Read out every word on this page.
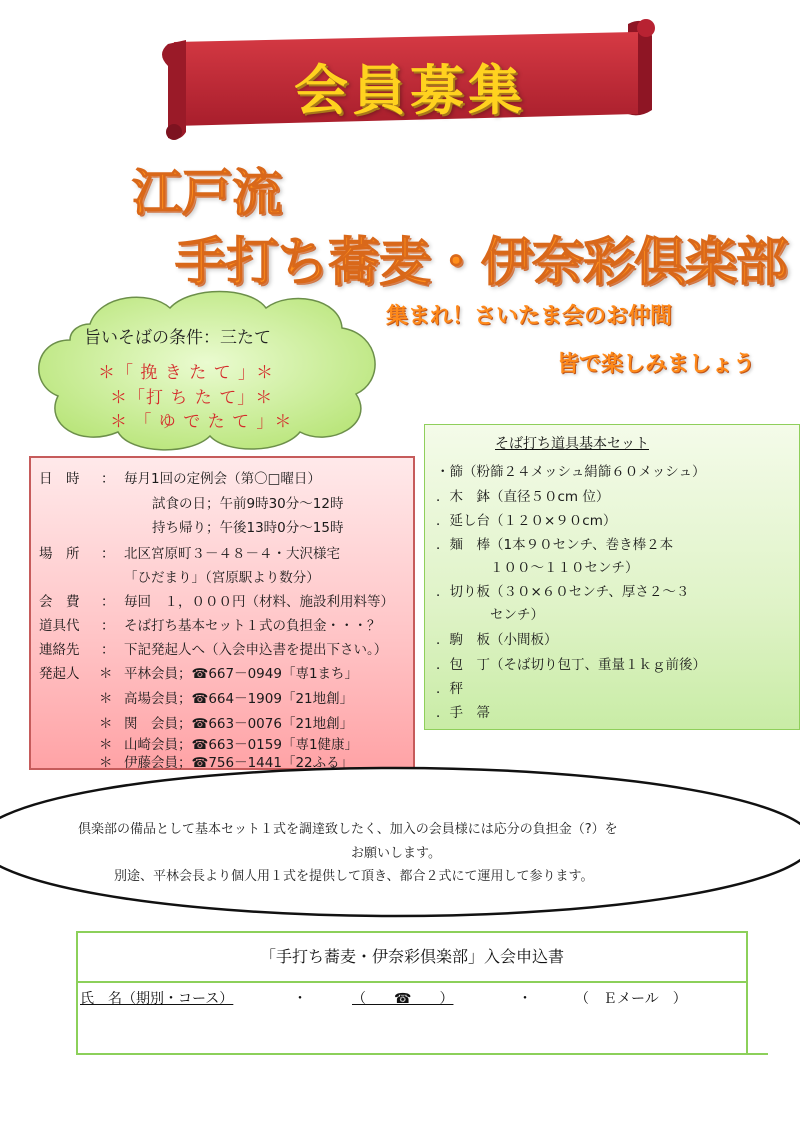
会員募集
江戸流
手打ち蕎麦・伊奈彩倶楽部
集まれ！さいたま会のお仲間
皆で楽しみましょう
旨いそばの条件：三たて
＊「 挽 き た て 」＊
＊「打 ち た て」＊
＊ 「 ゆ で た て 」＊
日　時 ： 毎月1回の定例会（第〇□曜日）
試食の日；午前9時30分～12時
持ち帰り；午後13時0分～15時
場　所 ： 北区宮原町３－４８－４・大沢様宅
「ひだまり」（宮原駅より数分）
会　費 ： 毎回　１，０００円（材料、施設利用料等）
道具代 ： そば打ち基本セット１式の負担金・・・？
連絡先 ： 下記発起人へ（入会申込書を提出下さい。）
発起人 ＊ 平林会員；☎667－0949「専1まち」
＊ 高場会員；☎664－1909「21地創」
＊ 関　会員；☎663－0076「21地創」
＊ 山崎会員；☎663－0159「専1健康」
＊ 伊藤会員；☎756－1441「22ふる」
そば打ち道具基本セット
・篩（粉篩２４メッシュ絹篩６０メッシュ）
．木　鉢（直径５０cm 位）
．延し台（１２０×９０cm）
．麺　棒（1本９０センチ、巻き棒２本
　　　　１００～１１０センチ）
．切り板（３０×６０センチ、厚さ２～３
　　　　センチ）
．駒　板（小間板）
．包　丁（そば切り包丁、重量１ｋｇ前後）
．秤
．手　箒
倶楽部の備品として基本セット１式を調達致したく、加入の会員様には応分の負担金（?）を
お願いします。
別途、平林会長より個人用１式を提供して頂き、都合２式にて運用して参ります。
「手打ち蕎麦・伊奈彩倶楽部」入会申込書
氏　名（期別・コース）	・	（　　☎　　）	・	（　Ｅメール　）
